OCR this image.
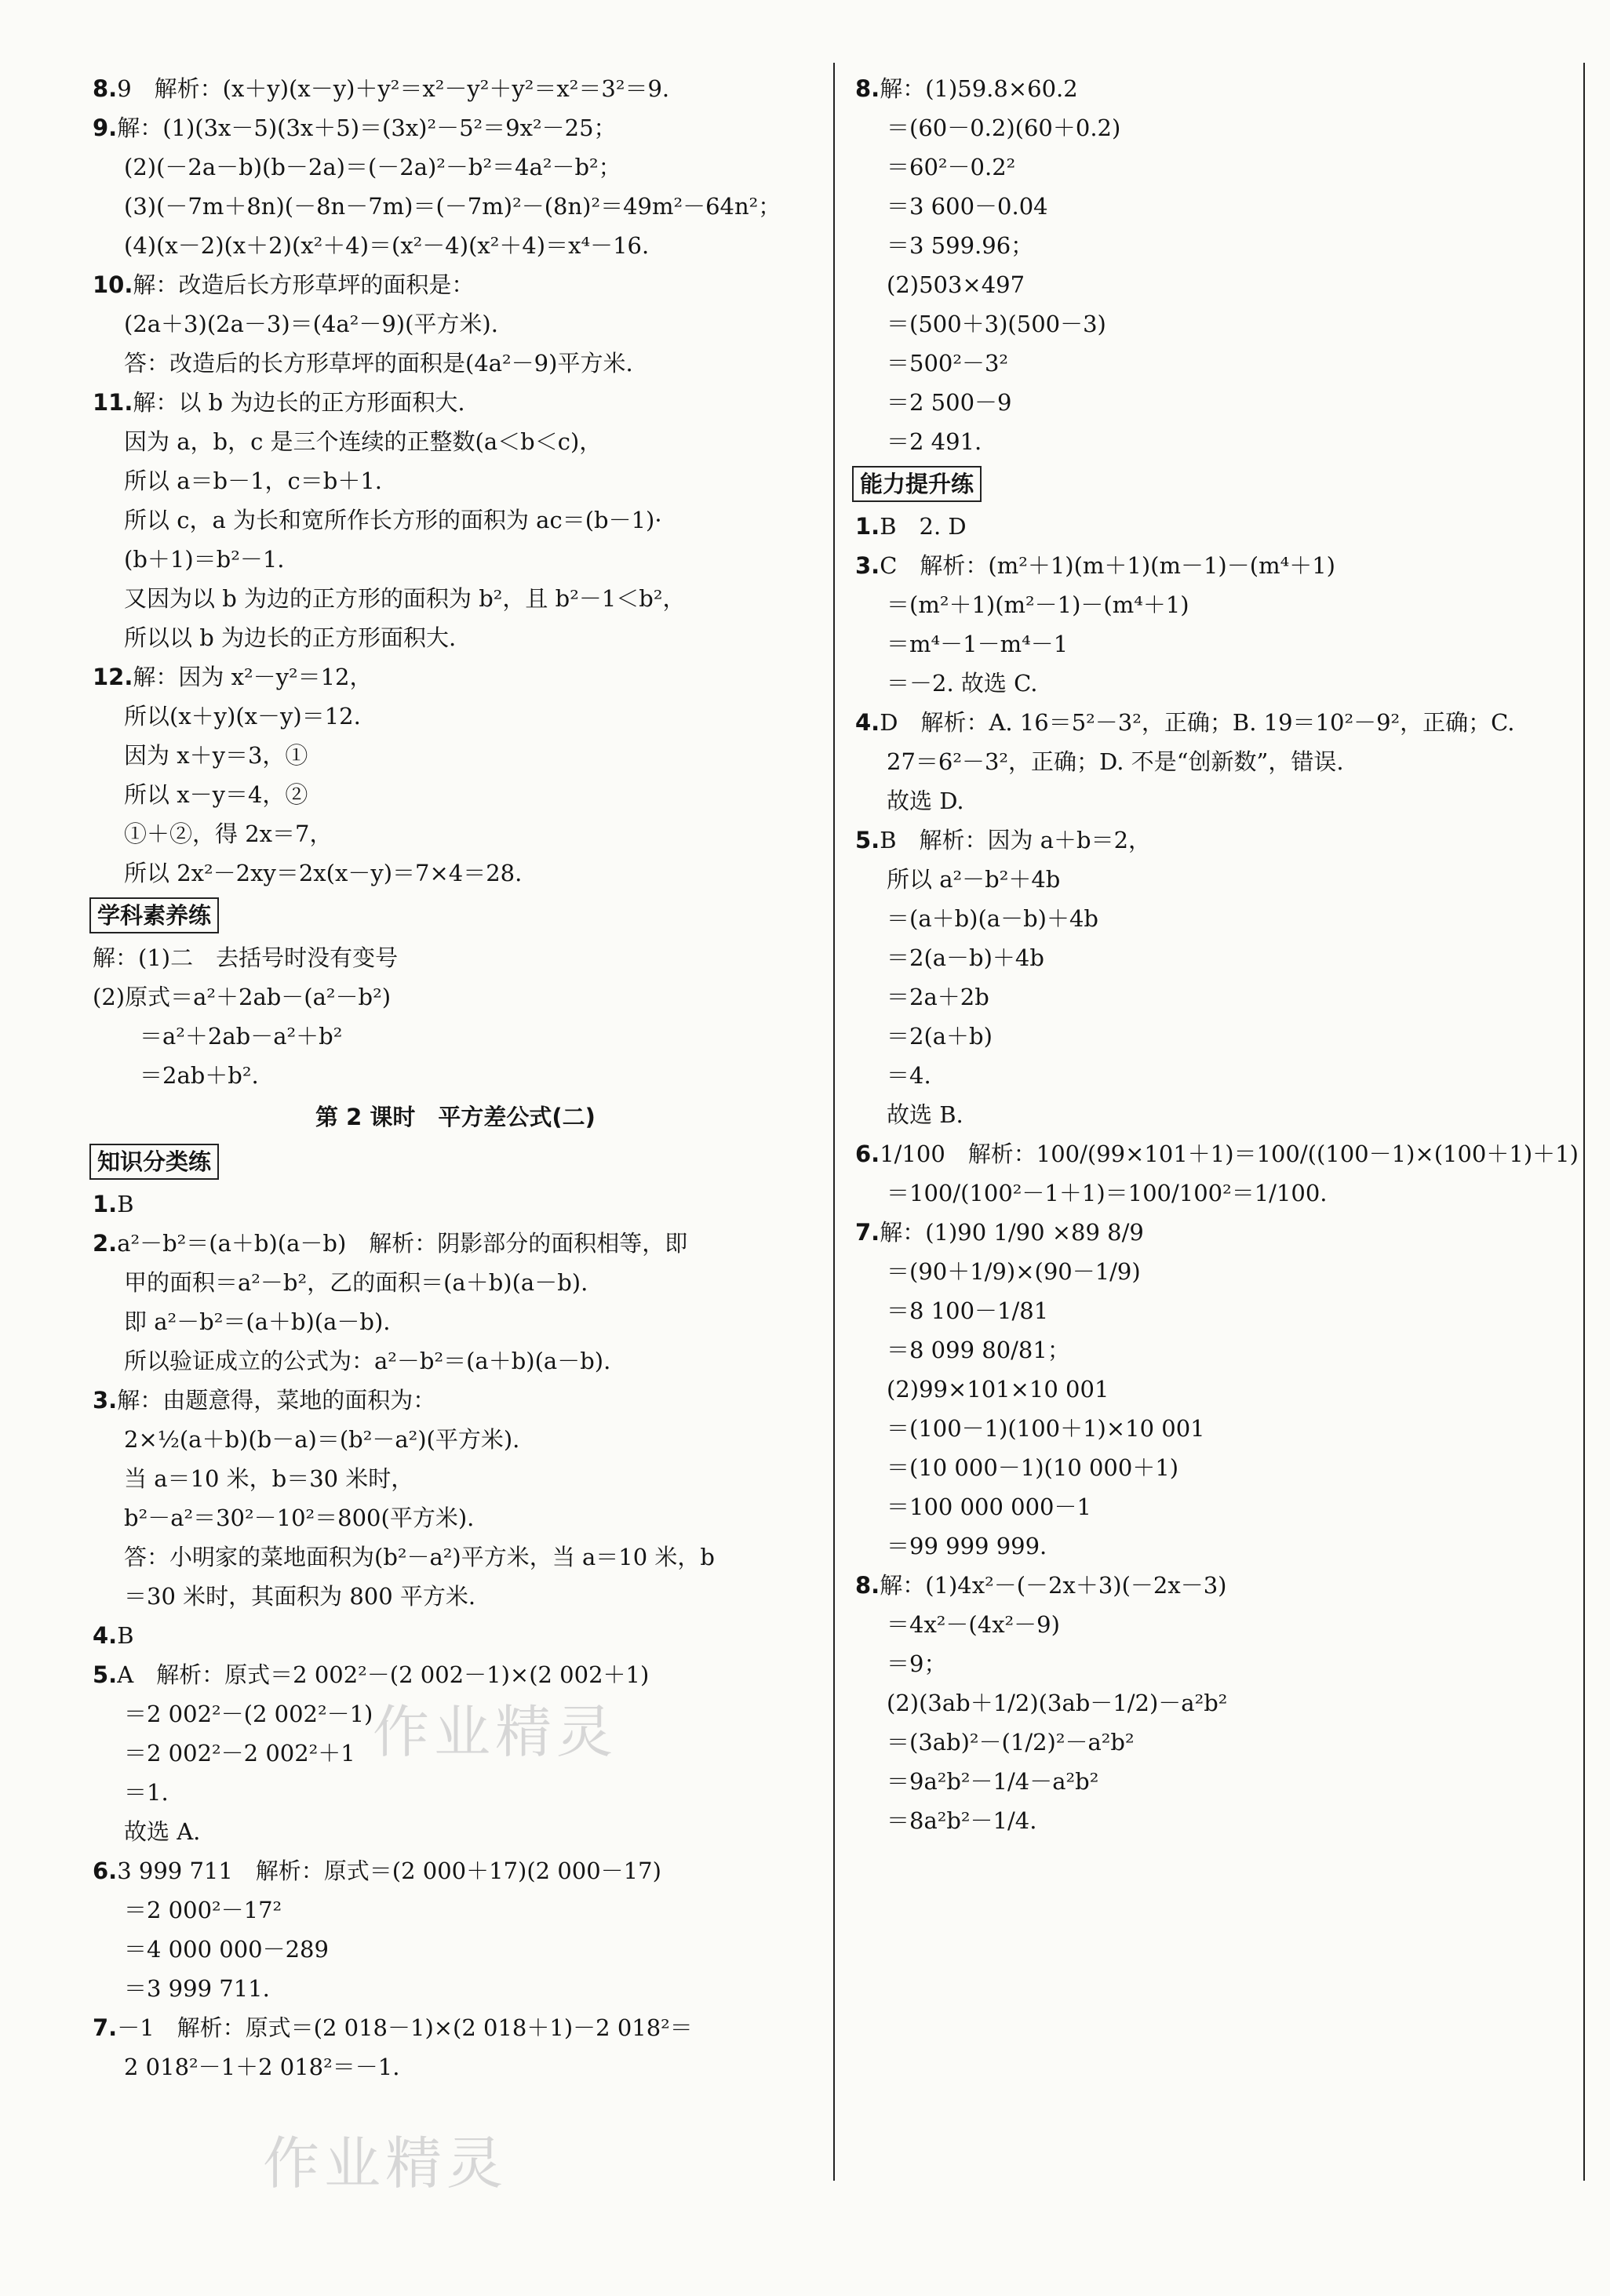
8.9　解析：(x＋y)(x－y)＋y²＝x²－y²＋y²＝x²＝3²＝9.
9.解：(1)(3x－5)(3x＋5)＝(3x)²－5²＝9x²－25；
(2)(－2a－b)(b－2a)＝(－2a)²－b²＝4a²－b²；
(3)(－7m＋8n)(－8n－7m)＝(－7m)²－(8n)²＝49m²－64n²；
(4)(x－2)(x＋2)(x²＋4)＝(x²－4)(x²＋4)＝x⁴－16.
10.解：改造后长方形草坪的面积是：
(2a＋3)(2a－3)＝(4a²－9)(平方米).
答：改造后的长方形草坪的面积是(4a²－9)平方米.
11.解：以 b 为边长的正方形面积大.
因为 a，b，c 是三个连续的正整数(a＜b＜c)，
所以 a＝b－1，c＝b＋1.
所以 c，a 为长和宽所作长方形的面积为 ac＝(b－1)·
(b＋1)＝b²－1.
又因为以 b 为边的正方形的面积为 b²，且 b²－1＜b²，
所以以 b 为边长的正方形面积大.
12.解：因为 x²－y²＝12，
所以(x＋y)(x－y)＝12.
因为 x＋y＝3，①
所以 x－y＝4，②
①＋②，得 2x＝7，
所以 2x²－2xy＝2x(x－y)＝7×4＝28.
学科素养练
解：(1)二　去括号时没有变号
(2)原式＝a²＋2ab－(a²－b²)
＝a²＋2ab－a²＋b²
＝2ab＋b².
第 2 课时　平方差公式(二)
知识分类练
1.B
2.a²－b²＝(a＋b)(a－b)　解析：阴影部分的面积相等，即
甲的面积＝a²－b²，乙的面积＝(a＋b)(a－b).
即 a²－b²＝(a＋b)(a－b).
所以验证成立的公式为：a²－b²＝(a＋b)(a－b).
3.解：由题意得，菜地的面积为：
2×½(a＋b)(b－a)＝(b²－a²)(平方米).
当 a＝10 米，b＝30 米时，
b²－a²＝30²－10²＝800(平方米).
答：小明家的菜地面积为(b²－a²)平方米，当 a＝10 米，b
＝30 米时，其面积为 800 平方米.
4.B
5.A　解析：原式＝2 002²－(2 002－1)×(2 002＋1)
＝2 002²－(2 002²－1)
＝2 002²－2 002²＋1
＝1.
故选 A.
6.3 999 711　解析：原式＝(2 000＋17)(2 000－17)
＝2 000²－17²
＝4 000 000－289
＝3 999 711.
7.－1　解析：原式＝(2 018－1)×(2 018＋1)－2 018²＝
2 018²－1＋2 018²＝－1.
8.解：(1)59.8×60.2
＝(60－0.2)(60＋0.2)
＝60²－0.2²
＝3 600－0.04
＝3 599.96；
(2)503×497
＝(500＋3)(500－3)
＝500²－3²
＝2 500－9
＝2 491.
能力提升练
1.B　2. D
3.C　解析：(m²＋1)(m＋1)(m－1)－(m⁴＋1)
＝(m²＋1)(m²－1)－(m⁴＋1)
＝m⁴－1－m⁴－1
＝－2. 故选 C.
4.D　解析：A. 16＝5²－3²，正确；B. 19＝10²－9²，正确；C.
27＝6²－3²，正确；D. 不是“创新数”，错误.
故选 D.
5.B　解析：因为 a＋b＝2，
所以 a²－b²＋4b
＝(a＋b)(a－b)＋4b
＝2(a－b)＋4b
＝2a＋2b
＝2(a＋b)
＝4.
故选 B.
6.1/100　解析：100/(99×101＋1)＝100/((100－1)×(100＋1)＋1)
＝100/(100²－1＋1)＝100/100²＝1/100.
7.解：(1)90 1/90 ×89 8/9
＝(90＋1/9)×(90－1/9)
＝8 100－1/81
＝8 099 80/81；
(2)99×101×10 001
＝(100－1)(100＋1)×10 001
＝(10 000－1)(10 000＋1)
＝100 000 000－1
＝99 999 999.
8.解：(1)4x²－(－2x＋3)(－2x－3)
＝4x²－(4x²－9)
＝9；
(2)(3ab＋1/2)(3ab－1/2)－a²b²
＝(3ab)²－(1/2)²－a²b²
＝9a²b²－1/4－a²b²
＝8a²b²－1/4.
作业精灵
作业精灵
